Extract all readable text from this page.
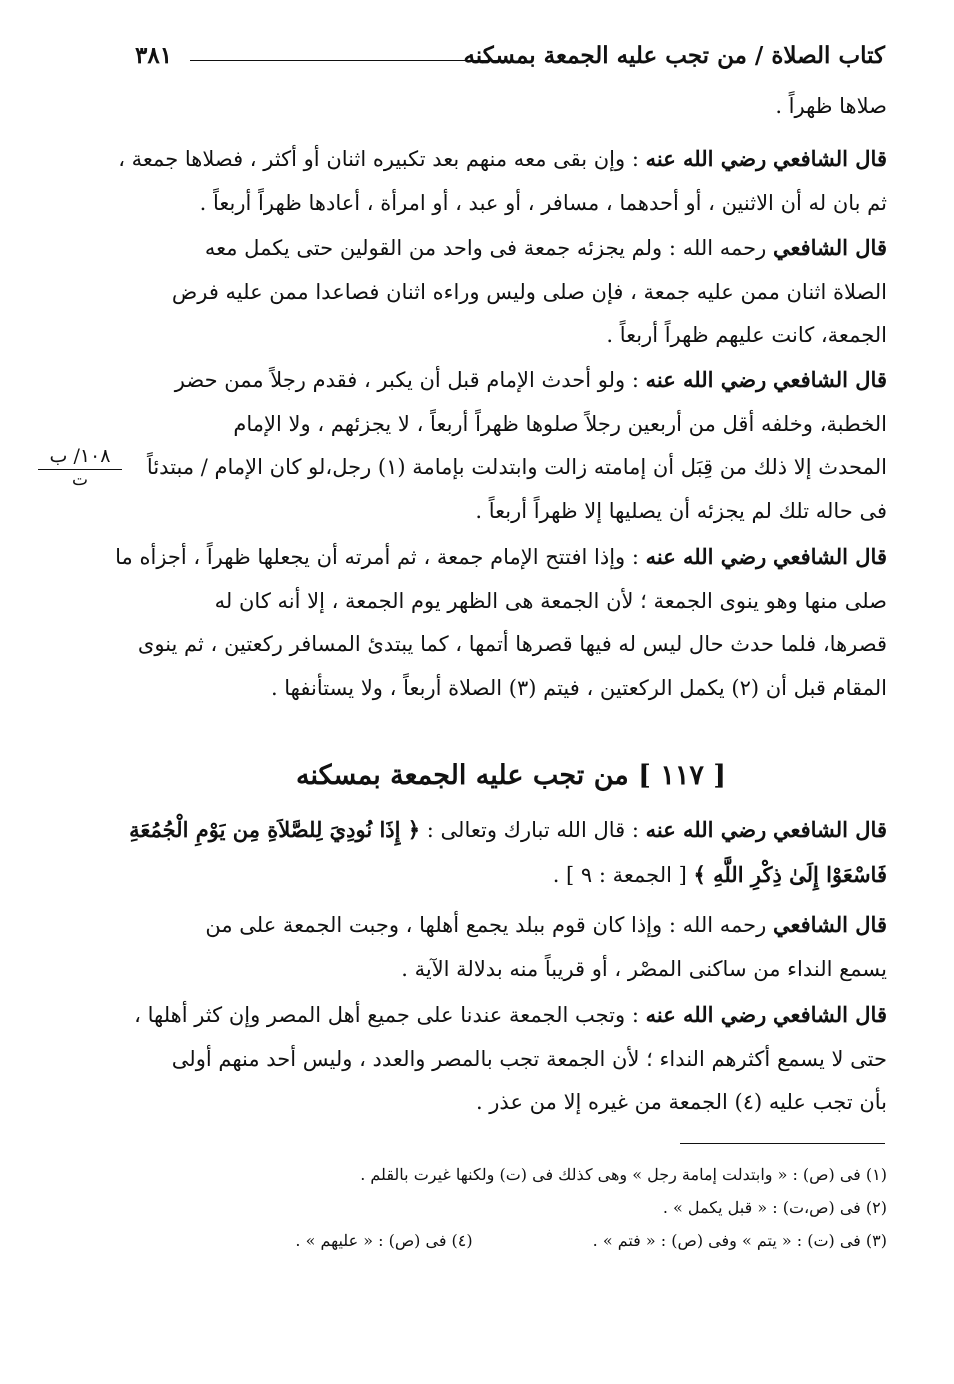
كتاب الصلاة / من تجب عليه الجمعة بمسكنه
٣٨١
١٠٨/ ب
ت

صلاها ظهراً .

قال الشافعي رضي الله عنه : وإن بقى معه منهم بعد تكبيره اثنان أو أكثر ، فصلاها جمعة ،
ثم بان له أن الاثنين ، أو أحدهما ، مسافر ، أو عبد ، أو امرأة ، أعادها ظهراً أربعاً .

قال الشافعي رحمه الله : ولم يجزئه جمعة فى واحد من القولين حتى يكمل معه
الصلاة اثنان ممن عليه جمعة ، فإن صلى وليس وراءه اثنان فصاعدا ممن عليه فرض
الجمعة، كانت عليهم ظهراً أربعاً .

قال الشافعي رضي الله عنه : ولو أحدث الإمام قبل أن يكبر ، فقدم رجلاً ممن حضر
الخطبة، وخلفه أقل من أربعين رجلاً صلوها ظهراً أربعاً ، لا يجزئهم ، ولا الإمام
المحدث إلا ذلك من قِبَل أن إمامته زالت وابتدلت بإمامة (١) رجل،لو كان الإمام / مبتدئاً
فى حاله تلك لم يجزئه أن يصليها إلا ظهراً أربعاً .

قال الشافعي رضي الله عنه : وإذا افتتح الإمام جمعة ، ثم أمرته أن يجعلها ظهراً ، أجزأه ما
صلى منها وهو ينوى الجمعة ؛ لأن الجمعة هى الظهر يوم الجمعة ، إلا أنه كان له
قصرها، فلما حدث حال ليس له فيها قصرها أتمها ، كما يبتدئ المسافر ركعتين ، ثم ينوى
المقام قبل أن (٢) يكمل الركعتين ، فيتم (٣) الصلاة أربعاً ، ولا يستأنفها .

[ ١١٧ ] من تجب عليه الجمعة بمسكنه

قال الشافعي رضي الله عنه : قال الله تبارك وتعالى : ﴿ إِذَا نُودِيَ لِلصَّلاَةِ مِن يَوْمِ الْجُمُعَةِ
فَاسْعَوْا إِلَىٰ ذِكْرِ اللَّهِ ﴾ [ الجمعة : ٩ ] .

قال الشافعي رحمه الله : وإذا كان قوم ببلد يجمع أهلها ، وجبت الجمعة على من
يسمع النداء من ساكنى المصْر ، أو قريباً منه بدلالة الآية .

قال الشافعي رضي الله عنه : وتجب الجمعة عندنا على جميع أهل المصر وإن كثر أهلها ،
حتى لا يسمع أكثرهم النداء ؛ لأن الجمعة تجب بالمصر والعدد ، وليس أحد منهم أولى
بأن تجب عليه (٤) الجمعة من غيره إلا من عذر .

(١) فى (ص) : « وابتدلت إمامة رجل » وهى كذلك فى (ت) ولكنها غيرت بالقلم .
(٢) فى (ص،ت) : « قبل يكمل » .
(٣) فى (ت) : « يتم » وفى (ص) : « فتم » .
(٤) فى (ص) : « عليهم » .
